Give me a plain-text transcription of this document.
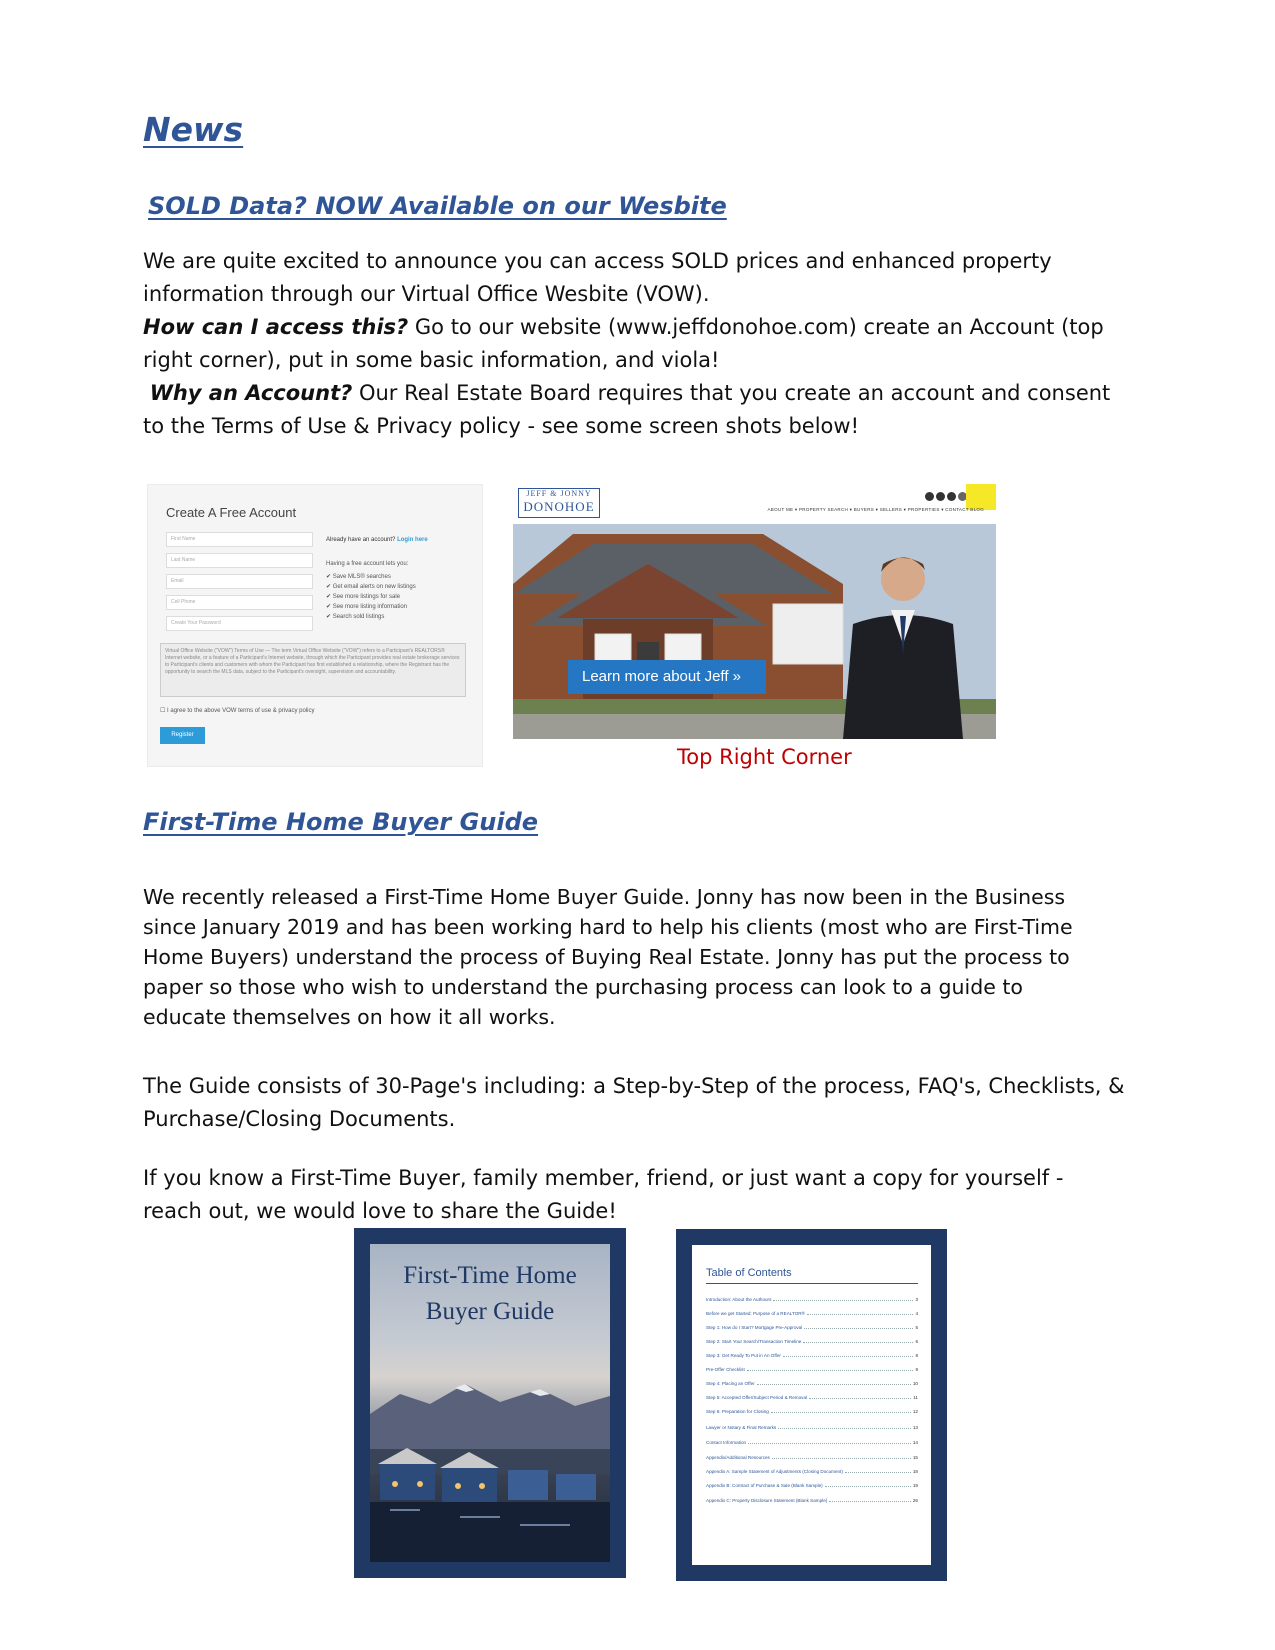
News
SOLD Data? NOW Available on our Wesbite

We are quite excited to announce you can access SOLD prices and enhanced property

information through our Virtual Office Wesbite (VOW).

How can I access this? Go to our website (www.jeffdonohoe.com) create an Account (top

right corner), put in some basic information, and viola!

Why an Account? Our Real Estate Board requires that you create an account and consent

to the Terms of Use & Privacy policy - see some screen shots below!

Create A Free Account
First Name
Last Name
Email
Cell Phone
Create Your Password
Already have an account? Login here
Having a free account lets you:
✔ Save MLS® searches
✔ Get email alerts on new listings
✔ See more listings for sale
✔ See more listing information
✔ Search sold listings
Virtual Office Website ("VOW") Terms of Use — The term Virtual Office Website ("VOW") refers to a Participant's REALTORS® Internet website, or a feature of a Participant's Internet website, through which the Participant provides real estate brokerage services to Participant's clients and customers with whom the Participant has first established a relationship, where the Registrant has the opportunity to search the MLS data, subject to the Participant's oversight, supervision and accountability.
☐ I agree to the above VOW terms of use & privacy policy
Register
JEFF & JONNY
DONOHOE	ABOUT ME ▾ PROPERTY SEARCH ▾ BUYERS ▾ SELLERS ▾ PROPERTIES ▾ CONTACT BLOG
Learn more about Jeff »
Top Right Corner
First-Time Home Buyer Guide

We recently released a First-Time Home Buyer Guide. Jonny has now been in the Business

since January 2019 and has been working hard to help his clients (most who are First-Time

Home Buyers) understand the process of Buying Real Estate. Jonny has put the process to

paper so those who wish to understand the purchasing process can look to a guide to

educate themselves on how it all works.

The Guide consists of 30-Page's including: a Step-by-Step of the process, FAQ's, Checklists, &

Purchase/Closing Documents.

If you know a First-Time Buyer, family member, friend, or just want a copy for yourself -

reach out, we would love to share the Guide!

First-Time Home
Buyer Guide
Table of Contents
Introduction: About the Authours	3
Before we get Started: Purpose of a REALTOR®	4
Step 1: How do I Start? Mortgage Pre-Approval	5
Step 2: Start Your Search/Transaction Timeline	6
Step 3: Get Ready To Put in An Offer	8
Pre-Offer Checklist	9
Step 4: Placing an Offer	10
Step 5: Accepted Offer/Subject Period & Removal	11
Step 6: Preparation for Closing	12
Lawyer or Notary & Final Remarks	13
Contact Information	14
Appendix/Additional Resources	15
Appendix A: Sample Statement of Adjustments (Closing Document)	18
Appendix B: Contract of Purchase & Sale (Blank Sample)	19
Appendix C: Property Disclosure Statement (Blank Sample)	26
